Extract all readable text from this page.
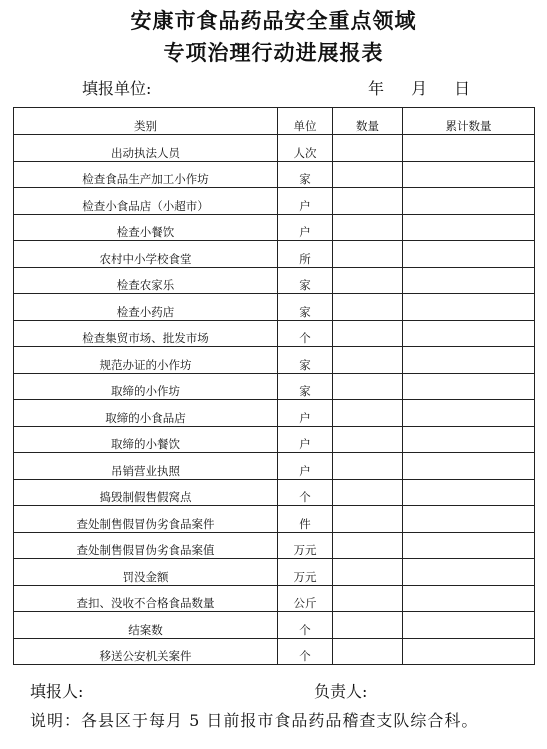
安康市食品药品安全重点领域
专项治理行动进展报表
填报单位:	年 月 日
类别	单位	数量	累计数量
出动执法人员	人次		
检查食品生产加工小作坊	家		
检查小食品店（小超市）	户		
检查小餐饮	户		
农村中小学校食堂	所		
检查农家乐	家		
检查小药店	家		
检查集贸市场、批发市场	个		
规范办证的小作坊	家		
取缔的小作坊	家		
取缔的小食品店	户		
取缔的小餐饮	户		
吊销营业执照	户		
捣毁制假售假窝点	个		
查处制售假冒伪劣食品案件	件		
查处制售假冒伪劣食品案值	万元		
罚没金额	万元		
查扣、没收不合格食品数量	公斤		
结案数	个		
移送公安机关案件	个		
填报人:	负责人:
说明：各县区于每月 5 日前报市食品药品稽查支队综合科。
